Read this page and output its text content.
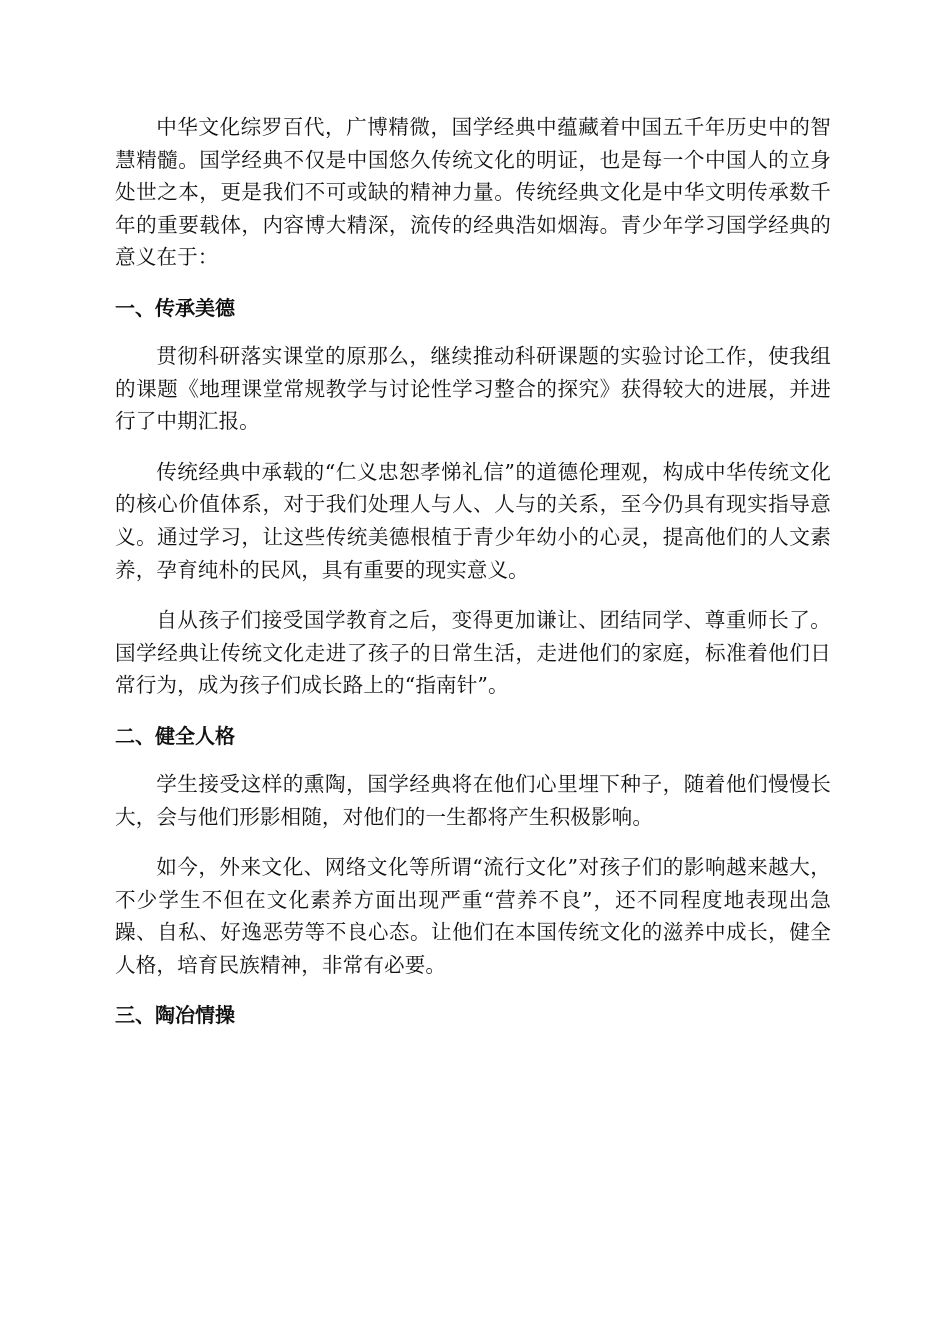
中华文化综罗百代，广博精微，国学经典中蕴藏着中国五千年历史中的智慧精髓。国学经典不仅是中国悠久传统文化的明证，也是每一个中国人的立身处世之本，更是我们不可或缺的精神力量。传统经典文化是中华文明传承数千年的重要载体，内容博大精深，流传的经典浩如烟海。青少年学习国学经典的意义在于：

一、传承美德

贯彻科研落实课堂的原那么，继续推动科研课题的实验讨论工作，使我组的课题《地理课堂常规教学与讨论性学习整合的探究》获得较大的进展，并进行了中期汇报。

传统经典中承载的“仁义忠恕孝悌礼信”的道德伦理观，构成中华传统文化的核心价值体系，对于我们处理人与人、人与的关系，至今仍具有现实指导意义。通过学习，让这些传统美德根植于青少年幼小的心灵，提高他们的人文素养，孕育纯朴的民风，具有重要的现实意义。

自从孩子们接受国学教育之后，变得更加谦让、团结同学、尊重师长了。国学经典让传统文化走进了孩子的日常生活，走进他们的家庭，标准着他们日常行为，成为孩子们成长路上的“指南针”。

二、健全人格

学生接受这样的熏陶，国学经典将在他们心里埋下种子，随着他们慢慢长大，会与他们形影相随，对他们的一生都将产生积极影响。

如今，外来文化、网络文化等所谓“流行文化”对孩子们的影响越来越大，不少学生不但在文化素养方面出现严重“营养不良”，还不同程度地表现出急躁、自私、好逸恶劳等不良心态。让他们在本国传统文化的滋养中成长，健全人格，培育民族精神，非常有必要。

三、陶冶情操
